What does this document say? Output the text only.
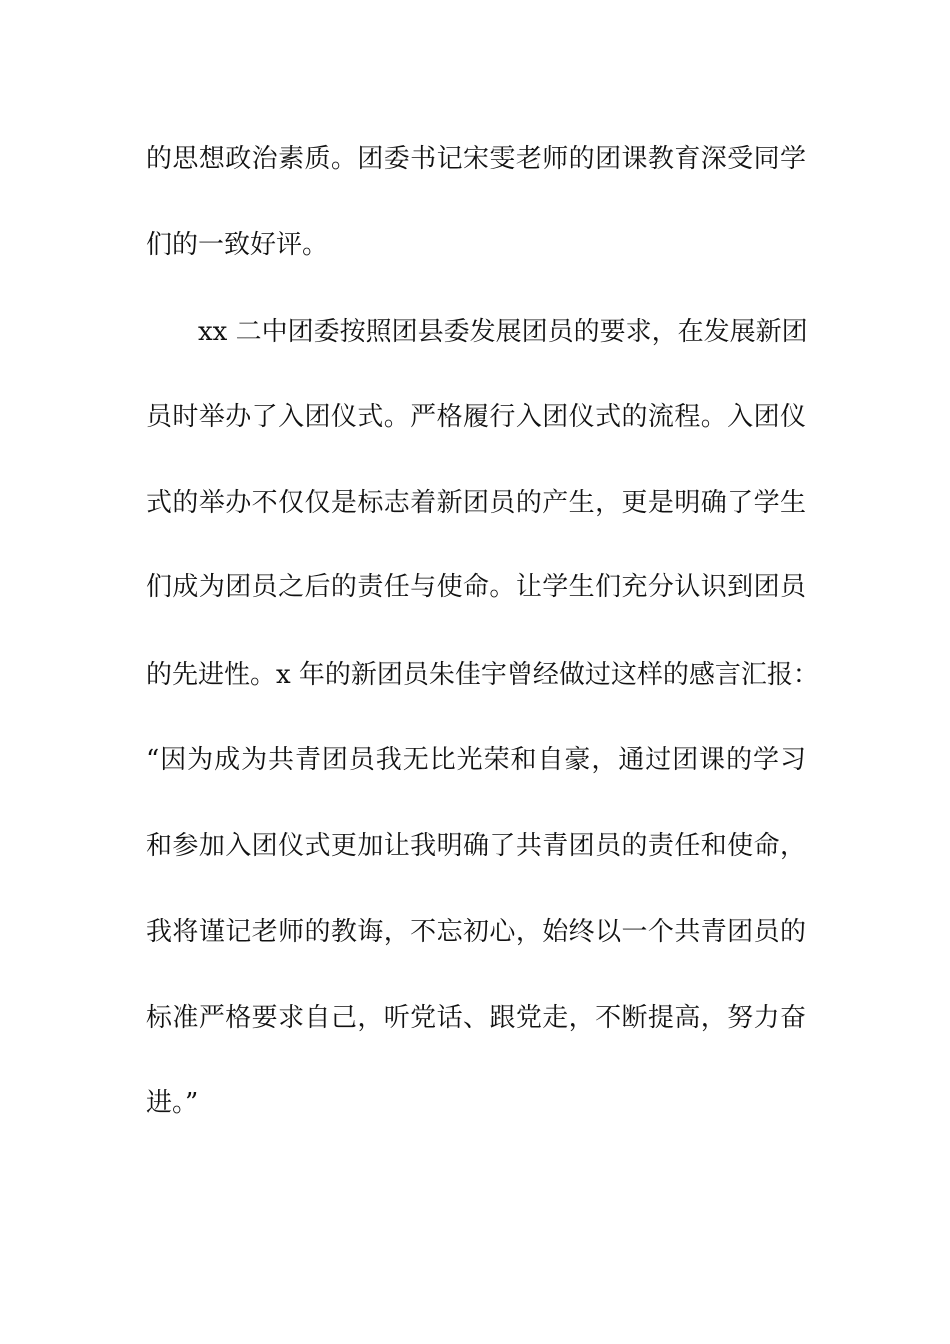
的思想政治素质。团委书记宋雯老师的团课教育深受同学
们的一致好评。
xx 二中团委按照团县委发展团员的要求，在发展新团
员时举办了入团仪式。严格履行入团仪式的流程。入团仪
式的举办不仅仅是标志着新团员的产生，更是明确了学生
们成为团员之后的责任与使命。让学生们充分认识到团员
的先进性。x 年的新团员朱佳宇曾经做过这样的感言汇报：
“因为成为共青团员我无比光荣和自豪，通过团课的学习
和参加入团仪式更加让我明确了共青团员的责任和使命，
我将谨记老师的教诲，不忘初心，始终以一个共青团员的
标准严格要求自己，听党话、跟党走，不断提高，努力奋
进。”
